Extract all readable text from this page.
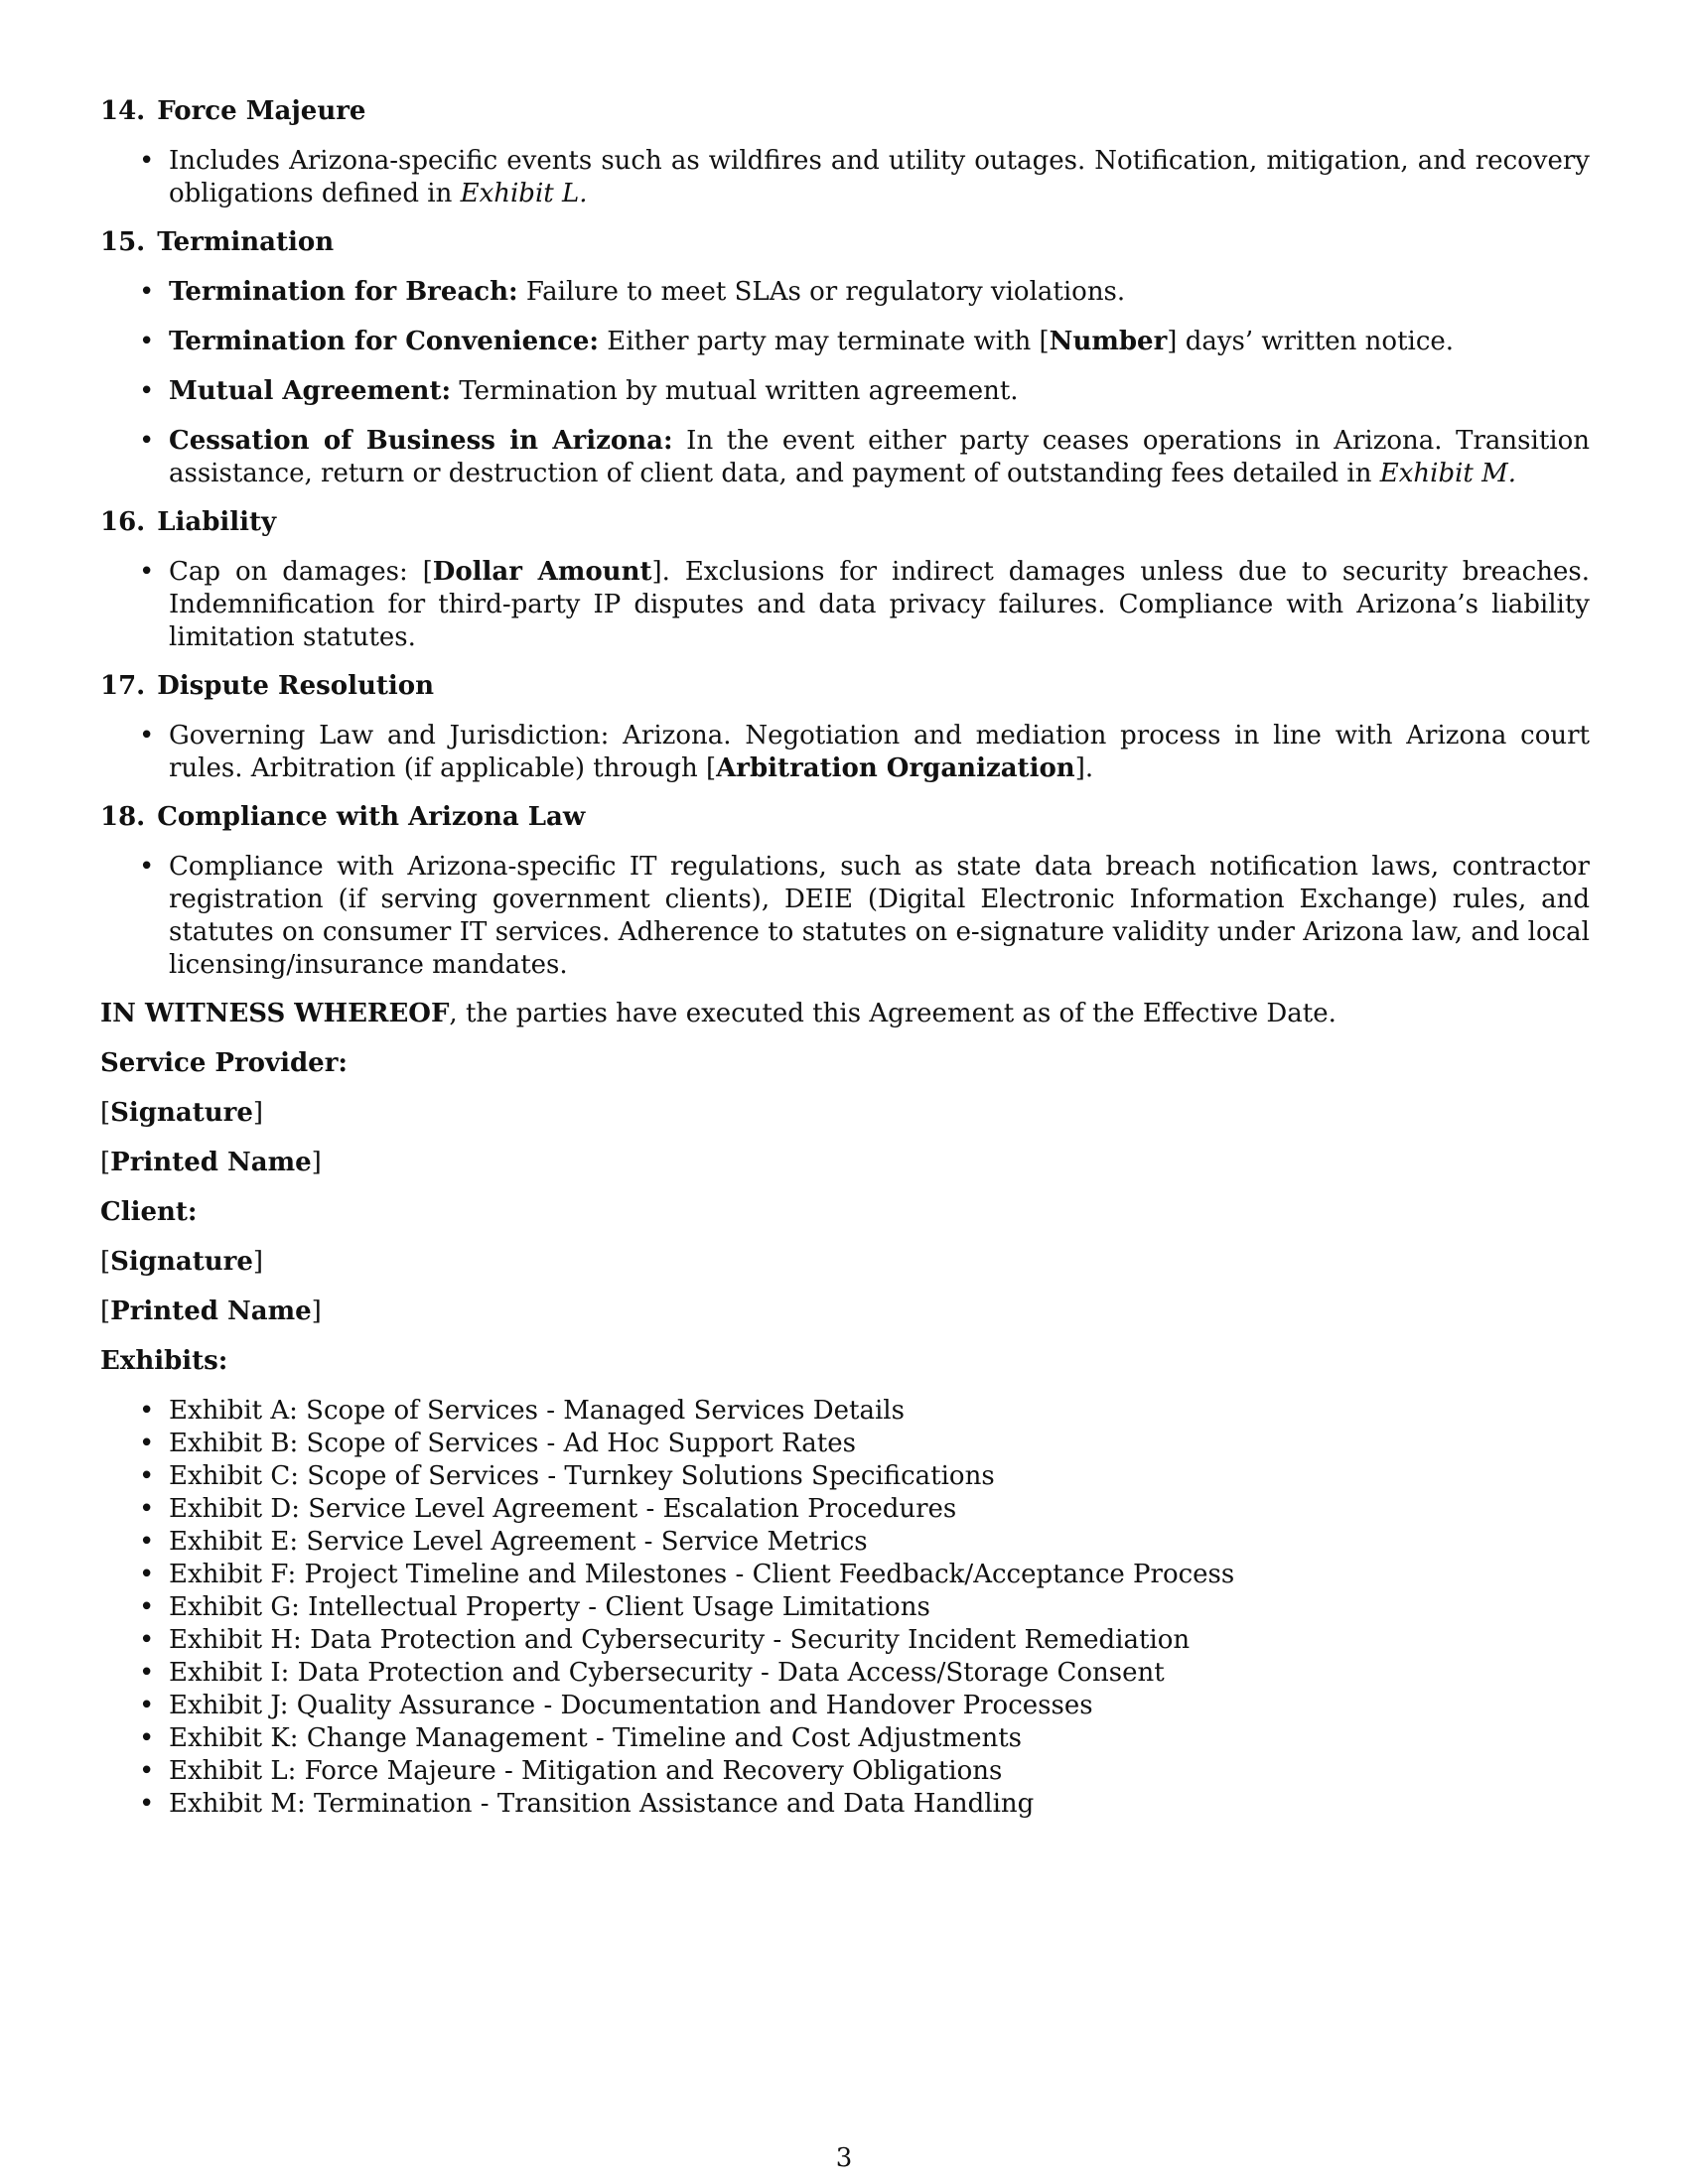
14. Force Majeure
• Includes Arizona-specific events such as wildfires and utility outages. Notification, mitigation, and recovery obligations defined in Exhibit L.
15. Termination
• Termination for Breach: Failure to meet SLAs or regulatory violations.
• Termination for Convenience: Either party may terminate with [Number] days’ written notice.
• Mutual Agreement: Termination by mutual written agreement.
• Cessation of Business in Arizona: In the event either party ceases operations in Arizona. Transition assistance, return or destruction of client data, and payment of outstanding fees detailed in Exhibit M.
16. Liability
• Cap on damages: [Dollar Amount]. Exclusions for indirect damages unless due to security breaches. Indemnification for third-party IP disputes and data privacy failures. Compliance with Arizona’s liability limitation statutes.
17. Dispute Resolution
• Governing Law and Jurisdiction: Arizona. Negotiation and mediation process in line with Arizona court rules. Arbitration (if applicable) through [Arbitration Organization].
18. Compliance with Arizona Law
• Compliance with Arizona-specific IT regulations, such as state data breach notification laws, contractor registration (if serving government clients), DEIE (Digital Electronic Information Exchange) rules, and statutes on consumer IT services. Adherence to statutes on e-signature validity under Arizona law, and local licensing/insurance mandates.

IN WITNESS WHEREOF, the parties have executed this Agreement as of the Effective Date.

Service Provider:

[Signature]

[Printed Name]

Client:

[Signature]

[Printed Name]

Exhibits:

• Exhibit A: Scope of Services - Managed Services Details
• Exhibit B: Scope of Services - Ad Hoc Support Rates
• Exhibit C: Scope of Services - Turnkey Solutions Specifications
• Exhibit D: Service Level Agreement - Escalation Procedures
• Exhibit E: Service Level Agreement - Service Metrics
• Exhibit F: Project Timeline and Milestones - Client Feedback/Acceptance Process
• Exhibit G: Intellectual Property - Client Usage Limitations
• Exhibit H: Data Protection and Cybersecurity - Security Incident Remediation
• Exhibit I: Data Protection and Cybersecurity - Data Access/Storage Consent
• Exhibit J: Quality Assurance - Documentation and Handover Processes
• Exhibit K: Change Management - Timeline and Cost Adjustments
• Exhibit L: Force Majeure - Mitigation and Recovery Obligations
• Exhibit M: Termination - Transition Assistance and Data Handling
3
